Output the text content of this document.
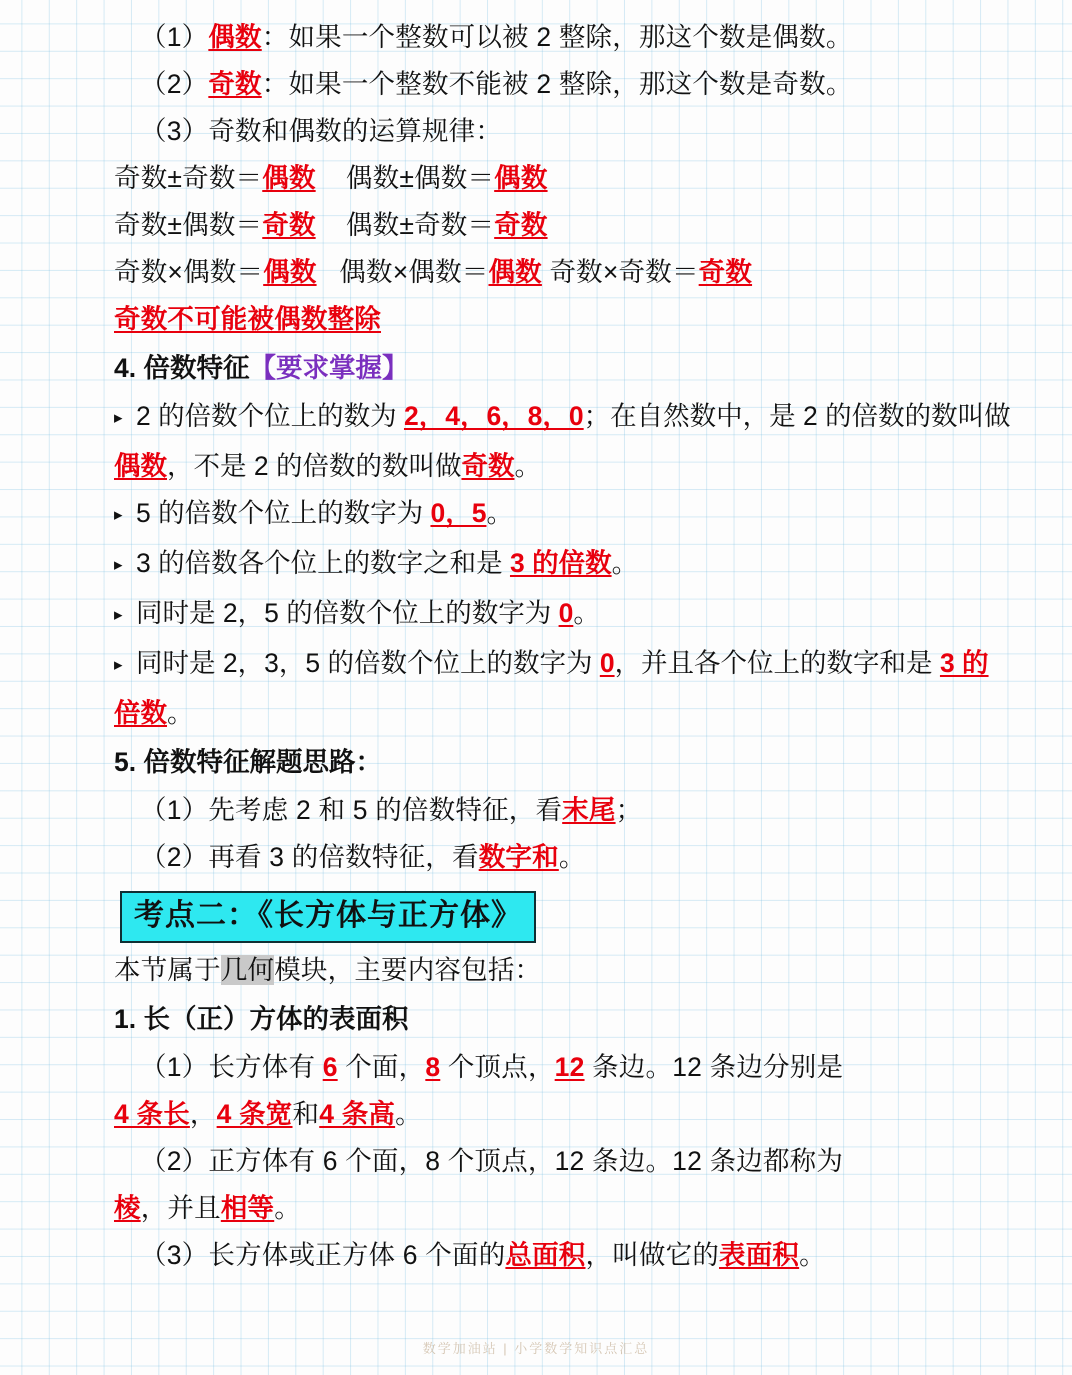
（1）偶数：如果一个整数可以被 2 整除，那这个数是偶数。
（2）奇数：如果一个整数不能被 2 整除，那这个数是奇数。
（3）奇数和偶数的运算规律：
奇数±奇数＝偶数 偶数±偶数＝偶数
奇数±偶数＝奇数 偶数±奇数＝奇数
奇数×偶数＝偶数 偶数×偶数＝偶数 奇数×奇数＝奇数
奇数不可能被偶数整除
4. 倍数特征【要求掌握】
▸ 2 的倍数个位上的数为 2，4，6，8，0；在自然数中，是 2 的倍数的数叫做偶数，不是 2 的倍数的数叫做奇数。
▸ 5 的倍数个位上的数字为 0，5。
▸ 3 的倍数各个位上的数字之和是 3 的倍数。
▸ 同时是 2，5 的倍数个位上的数字为 0。
▸ 同时是 2，3，5 的倍数个位上的数字为 0，并且各个位上的数字和是 3 的倍数。
5. 倍数特征解题思路：
（1）先考虑 2 和 5 的倍数特征，看末尾；
（2）再看 3 的倍数特征，看数字和。
考点二：《长方体与正方体》
本节属于几何模块，主要内容包括：
1. 长（正）方体的表面积
（1）长方体有 6 个面，8 个顶点，12 条边。12 条边分别是
4 条长，4 条宽和4 条高。
（2）正方体有 6 个面，8 个顶点，12 条边。12 条边都称为
棱，并且相等。
（3）长方体或正方体 6 个面的总面积，叫做它的表面积。
数学加油站 | 小学数学知识点汇总
